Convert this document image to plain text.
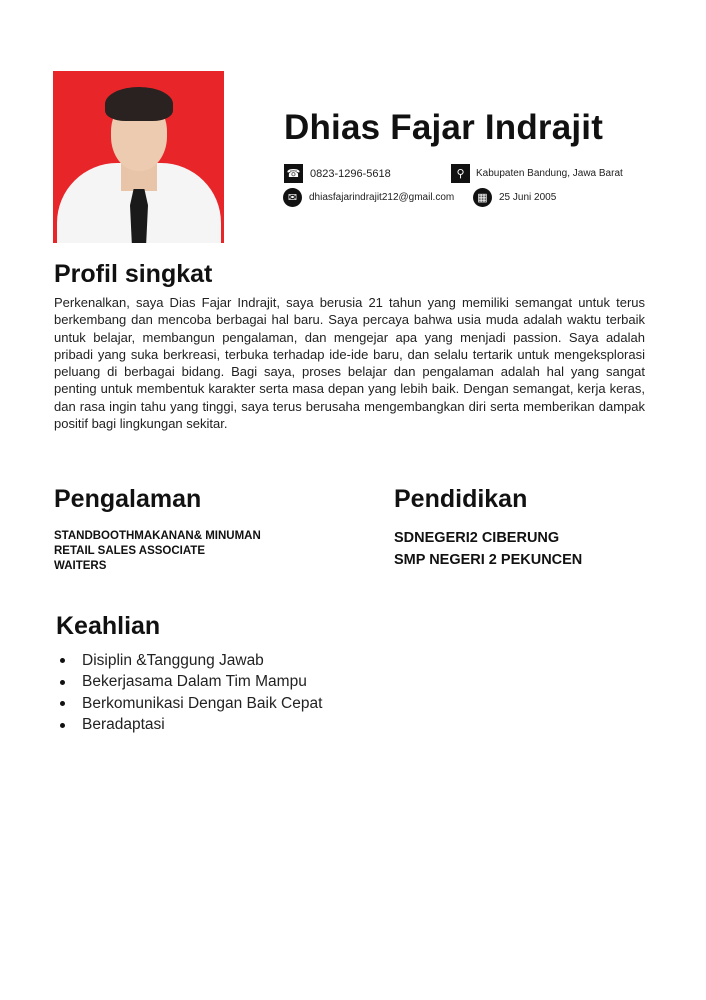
Dhias Fajar Indrajit
☎ 0823-1296-5618	⚲	Kabupaten Bandung, Jawa Barat
✉	dhiasfajarindrajit212@gmail.com	▦	25 Juni 2005
Profil singkat
Perkenalkan, saya Dias Fajar Indrajit, saya berusia 21 tahun yang memiliki semangat untuk terus berkembang dan mencoba berbagai hal baru. Saya percaya bahwa usia muda adalah waktu terbaik untuk belajar, membangun pengalaman, dan mengejar apa yang menjadi passion. Saya adalah pribadi yang suka berkreasi, terbuka terhadap ide-ide baru, dan selalu tertarik untuk mengeksplorasi peluang di berbagai bidang. Bagi saya, proses belajar dan pengalaman adalah hal yang sangat penting untuk membentuk karakter serta masa depan yang lebih baik. Dengan semangat, kerja keras, dan rasa ingin tahu yang tinggi, saya terus berusaha mengembangkan diri serta memberikan dampak positif bagi lingkungan sekitar.
Pengalaman
STANDBOOTHMAKANAN& MINUMAN
RETAIL SALES ASSOCIATE
WAITERS
Pendidikan
SDNEGERI2 CIBERUNG
SMP NEGERI 2 PEKUNCEN
Keahlian
Disiplin &Tanggung Jawab
Bekerjasama Dalam Tim Mampu
Berkomunikasi Dengan Baik Cepat
Beradaptasi
